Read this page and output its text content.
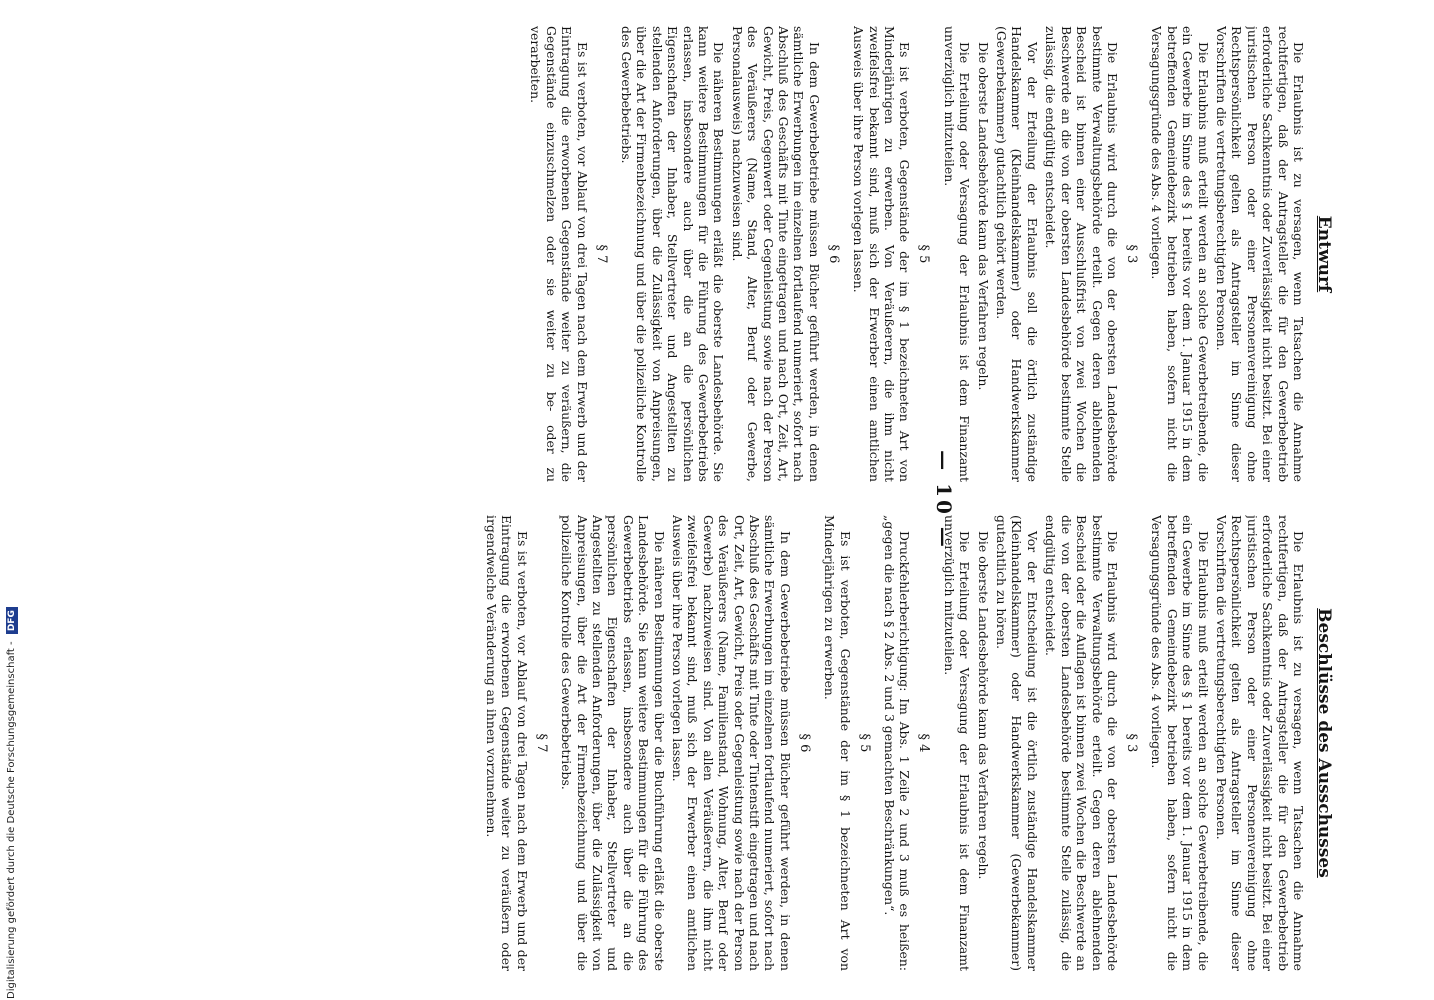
— 10 —
Entwurf

Die Erlaubnis ist zu versagen, wenn Tatsachen die Annahme rechtfertigen, daß der Antragsteller die für den Gewerbebetrieb erforderliche Sachkenntnis oder Zuverlässigkeit nicht besitzt. Bei einer juristischen Person oder einer Personenvereinigung ohne Rechtspersönlichkeit gelten als Antragsteller im Sinne dieser Vorschriften die vertretungsberechtigten Personen.

Die Erlaubnis muß erteilt werden an solche Gewerbetreibende, die ein Gewerbe im Sinne des § 1 bereits vor dem 1. Januar 1915 in dem betreffenden Gemeindebezirk betrieben haben, sofern nicht die Versagungsgründe des Abs. 4 vorliegen.

§ 3

Die Erlaubnis wird durch die von der obersten Landesbehörde bestimmte Verwaltungsbehörde erteilt. Gegen deren ablehnenden Bescheid ist binnen einer Ausschlußfrist von zwei Wochen die Beschwerde an die von der obersten Landesbehörde bestimmte Stelle zulässig, die endgültig entscheidet.

Vor der Erteilung der Erlaubnis soll die örtlich zuständige Handelskammer (Kleinhandelskammer) oder Handwerkskammer (Gewerbekammer) gutachtlich gehört werden.

Die oberste Landesbehörde kann das Verfahren regeln.

Die Erteilung oder Versagung der Erlaubnis ist dem Finanzamt unverzüglich mitzuteilen.

§ 5

Es ist verboten, Gegenstände der im § 1 bezeichneten Art von Minderjährigen zu erwerben. Von Veräußerern, die ihm nicht zweifelsfrei bekannt sind, muß sich der Erwerber einen amtlichen Ausweis über ihre Person vorlegen lassen.

§ 6

In dem Gewerbebetriebe müssen Bücher geführt werden, in denen sämtliche Erwerbungen im einzelnen fortlaufend numeriert, sofort nach Abschluß des Geschäfts mit Tinte eingetragen und nach Ort, Zeit, Art, Gewicht, Preis, Gegenwert oder Gegenleistung sowie nach der Person des Veräußerers (Name, Stand, Alter, Beruf oder Gewerbe, Personalausweis) nachzuweisen sind.

Die näheren Bestimmungen erläßt die oberste Landesbehörde. Sie kann weitere Bestimmungen für die Führung des Gewerbebetriebs erlassen, insbesondere auch über die an die persönlichen Eigenschaften der Inhaber, Stellvertreter und Angestellten zu stellenden Anforderungen, über die Zulässigkeit von Anpreisungen, über die Art der Firmenbezeichnung und über die polizeiliche Kontrolle des Gewerbebetriebs.

§ 7

Es ist verboten, vor Ablauf von drei Tagen nach dem Erwerb und der Eintragung die erworbenen Gegenstände weiter zu veräußern, die Gegenstände einzuschmelzen oder sie weiter zu be- oder zu verarbeiten.

Beschlüsse des Ausschusses

Die Erlaubnis ist zu versagen, wenn Tatsachen die Annahme rechtfertigen, daß der Antragsteller die für den Gewerbebetrieb erforderliche Sachkenntnis oder Zuverlässigkeit nicht besitzt. Bei einer juristischen Person oder einer Personenvereinigung ohne Rechtspersönlichkeit gelten als Antragsteller im Sinne dieser Vorschriften die vertretungsberechtigten Personen.

Die Erlaubnis muß erteilt werden an solche Gewerbetreibende, die ein Gewerbe im Sinne des § 1 bereits vor dem 1. Januar 1915 in dem betreffenden Gemeindebezirk betrieben haben, sofern nicht die Versagungsgründe des Abs. 4 vorliegen.

§ 3

Die Erlaubnis wird durch die von der obersten Landesbehörde bestimmte Verwaltungsbehörde erteilt. Gegen deren ablehnenden Bescheid oder die Auflagen ist binnen zwei Wochen die Beschwerde an die von der obersten Landesbehörde bestimmte Stelle zulässig, die endgültig entscheidet.

Vor der Entscheidung ist die örtlich zuständige Handelskammer (Kleinhandelskammer) oder Handwerkskammer (Gewerbekammer) gutachtlich zu hören.

Die oberste Landesbehörde kann das Verfahren regeln.

Die Erteilung oder Versagung der Erlaubnis ist dem Finanzamt unverzüglich mitzuteilen.

§ 4

Druckfehlerberichtigung: Im Abs. 1 Zeile 2 und 3 muß es heißen: „gegen die nach § 2 Abs. 2 und 3 gemachten Beschränkungen“.

§ 5

Es ist verboten, Gegenstände der im § 1 bezeichneten Art von Minderjährigen zu erwerben.

§ 6

In dem Gewerbebetriebe müssen Bücher geführt werden, in denen sämtliche Erwerbungen im einzelnen fortlaufend numeriert, sofort nach Abschluß des Geschäfts mit Tinte oder Tintenstift eingetragen und nach Ort, Zeit, Art, Gewicht, Preis oder Gegenleistung sowie nach der Person des Veräußerers (Name, Familienstand, Wohnung, Alter, Beruf oder Gewerbe) nachzuweisen sind. Von allen Veräußerern, die ihm nicht zweifelsfrei bekannt sind, muß sich der Erwerber einen amtlichen Ausweis über ihre Person vorlegen lassen.

Die näheren Bestimmungen über die Buchführung erläßt die oberste Landesbehörde. Sie kann weitere Bestimmungen für die Führung des Gewerbebetriebs erlassen, insbesondere auch über die an die persönlichen Eigenschaften der Inhaber, Stellvertreter und Angestellten zu stellenden Anforderungen, über die Zulässigkeit von Anpreisungen, über die Art der Firmenbezeichnung und über die polizeiliche Kontrolle des Gewerbebetriebs.

§ 7

Es ist verboten, vor Ablauf von drei Tagen nach dem Erwerb und der Eintragung die erworbenen Gegenstände weiter zu veräußern oder irgendwelche Veränderung an ihnen vorzunehmen.

Digitalisierung gefördert durch die Deutsche Forschungsgemeinschaft - DFG
